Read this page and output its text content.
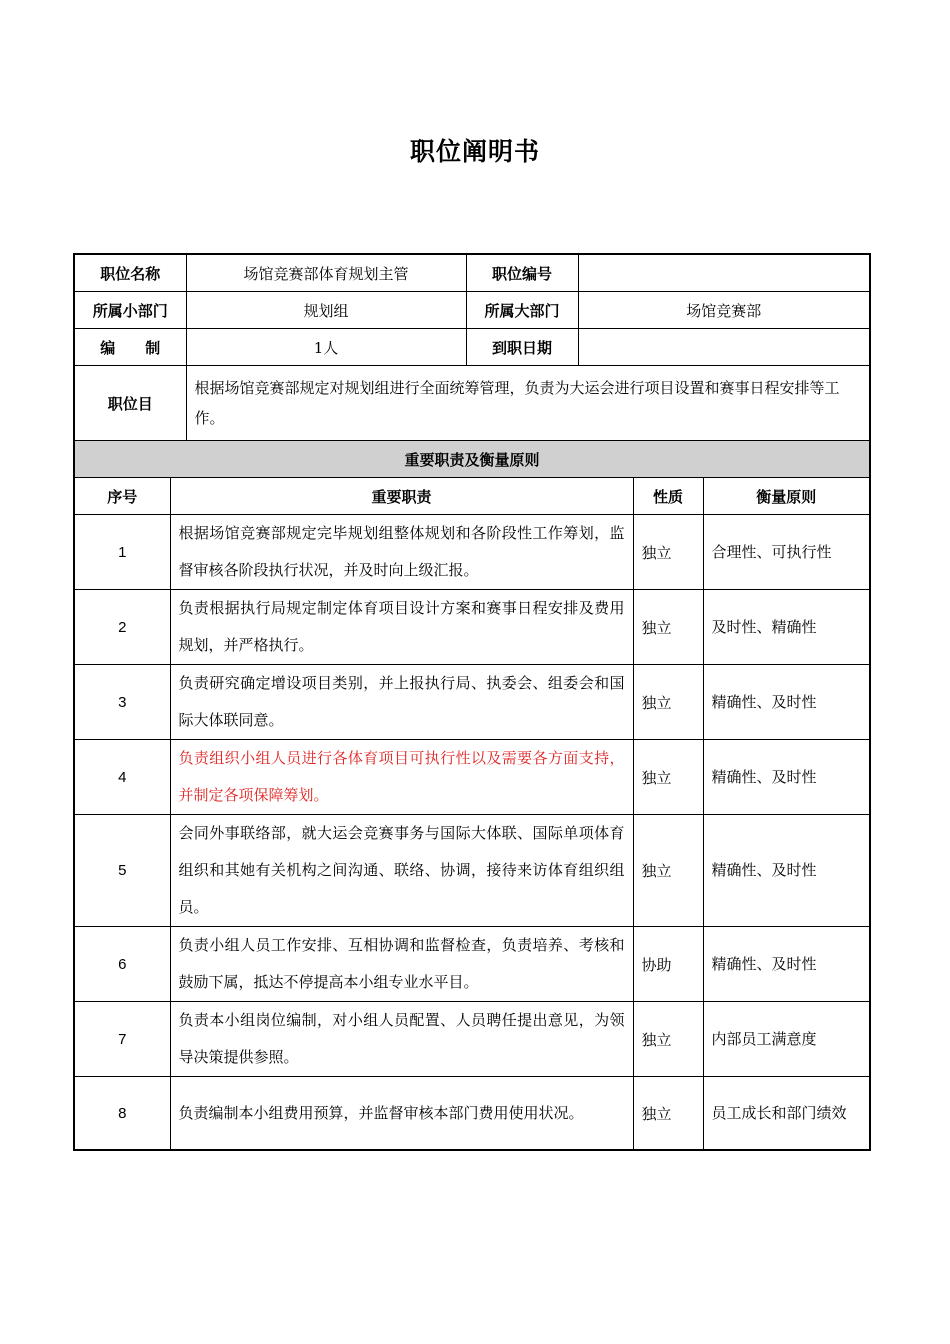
职位阐明书
职位名称	场馆竞赛部体育规划主管	职位编号	
所属小部门	规划组	所属大部门	场馆竞赛部
编　　制	1人	到职日期	
职位目	根据场馆竞赛部规定对规划组进行全面统筹管理，负责为大运会进行项目设置和赛事日程安排等工作。		
重要职责及衡量原则			
序号	重要职责	性质	衡量原则
1	根据场馆竞赛部规定完毕规划组整体规划和各阶段性工作筹划，监督审核各阶段执行状况，并及时向上级汇报。	独立	合理性、可执行性
2	负责根据执行局规定制定体育项目设计方案和赛事日程安排及费用规划，并严格执行。	独立	及时性、精确性
3	负责研究确定增设项目类别，并上报执行局、执委会、组委会和国际大体联同意。	独立	精确性、及时性
4	负责组织小组人员进行各体育项目可执行性以及需要各方面支持，并制定各项保障筹划。	独立	精确性、及时性
5	会同外事联络部，就大运会竞赛事务与国际大体联、国际单项体育组织和其她有关机构之间沟通、联络、协调，接待来访体育组织组员。	独立	精确性、及时性
6	负责小组人员工作安排、互相协调和监督检查，负责培养、考核和鼓励下属，抵达不停提高本小组专业水平目。	协助	精确性、及时性
7	负责本小组岗位编制，对小组人员配置、人员聘任提出意见，为领导决策提供参照。	独立	内部员工满意度
8	负责编制本小组费用预算，并监督审核本部门费用使用状况。	独立	员工成长和部门绩效
